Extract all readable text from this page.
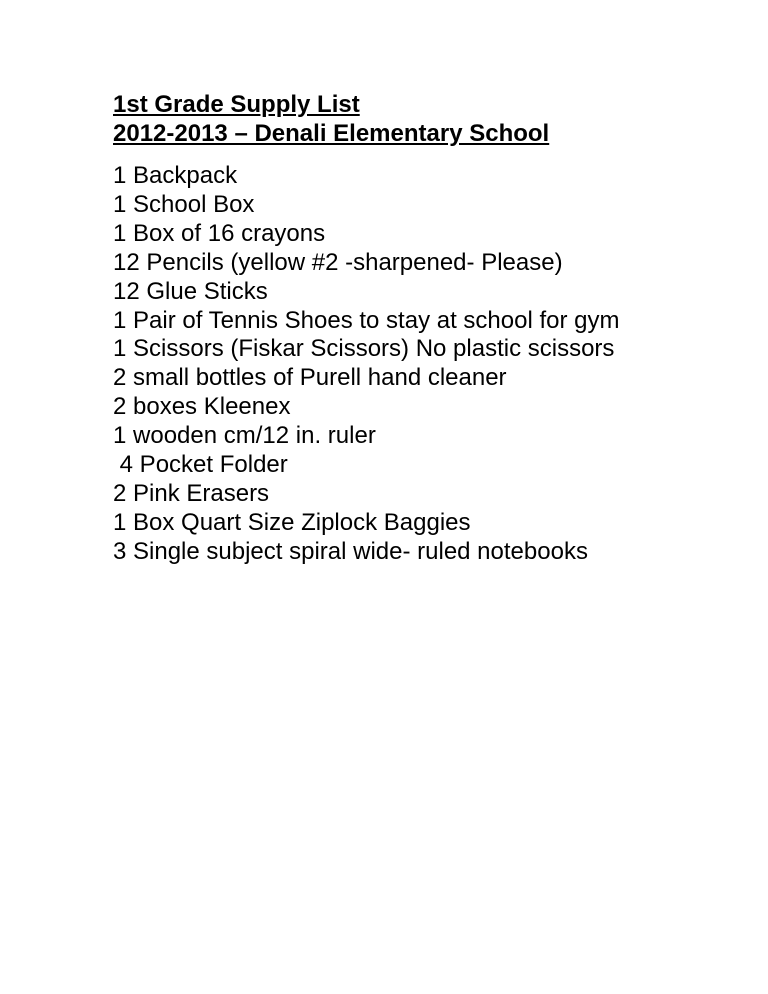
1st Grade Supply List
2012-2013 – Denali Elementary School
1 Backpack
1 School Box
1 Box of 16 crayons
12 Pencils (yellow #2 -sharpened- Please)
12 Glue Sticks
1 Pair of Tennis Shoes to stay at school for gym
1 Scissors (Fiskar Scissors) No plastic scissors
2 small bottles of Purell hand cleaner
2 boxes Kleenex
1 wooden cm/12 in. ruler
4 Pocket Folder
2 Pink Erasers
1 Box Quart Size Ziplock Baggies
3 Single subject spiral wide- ruled notebooks
